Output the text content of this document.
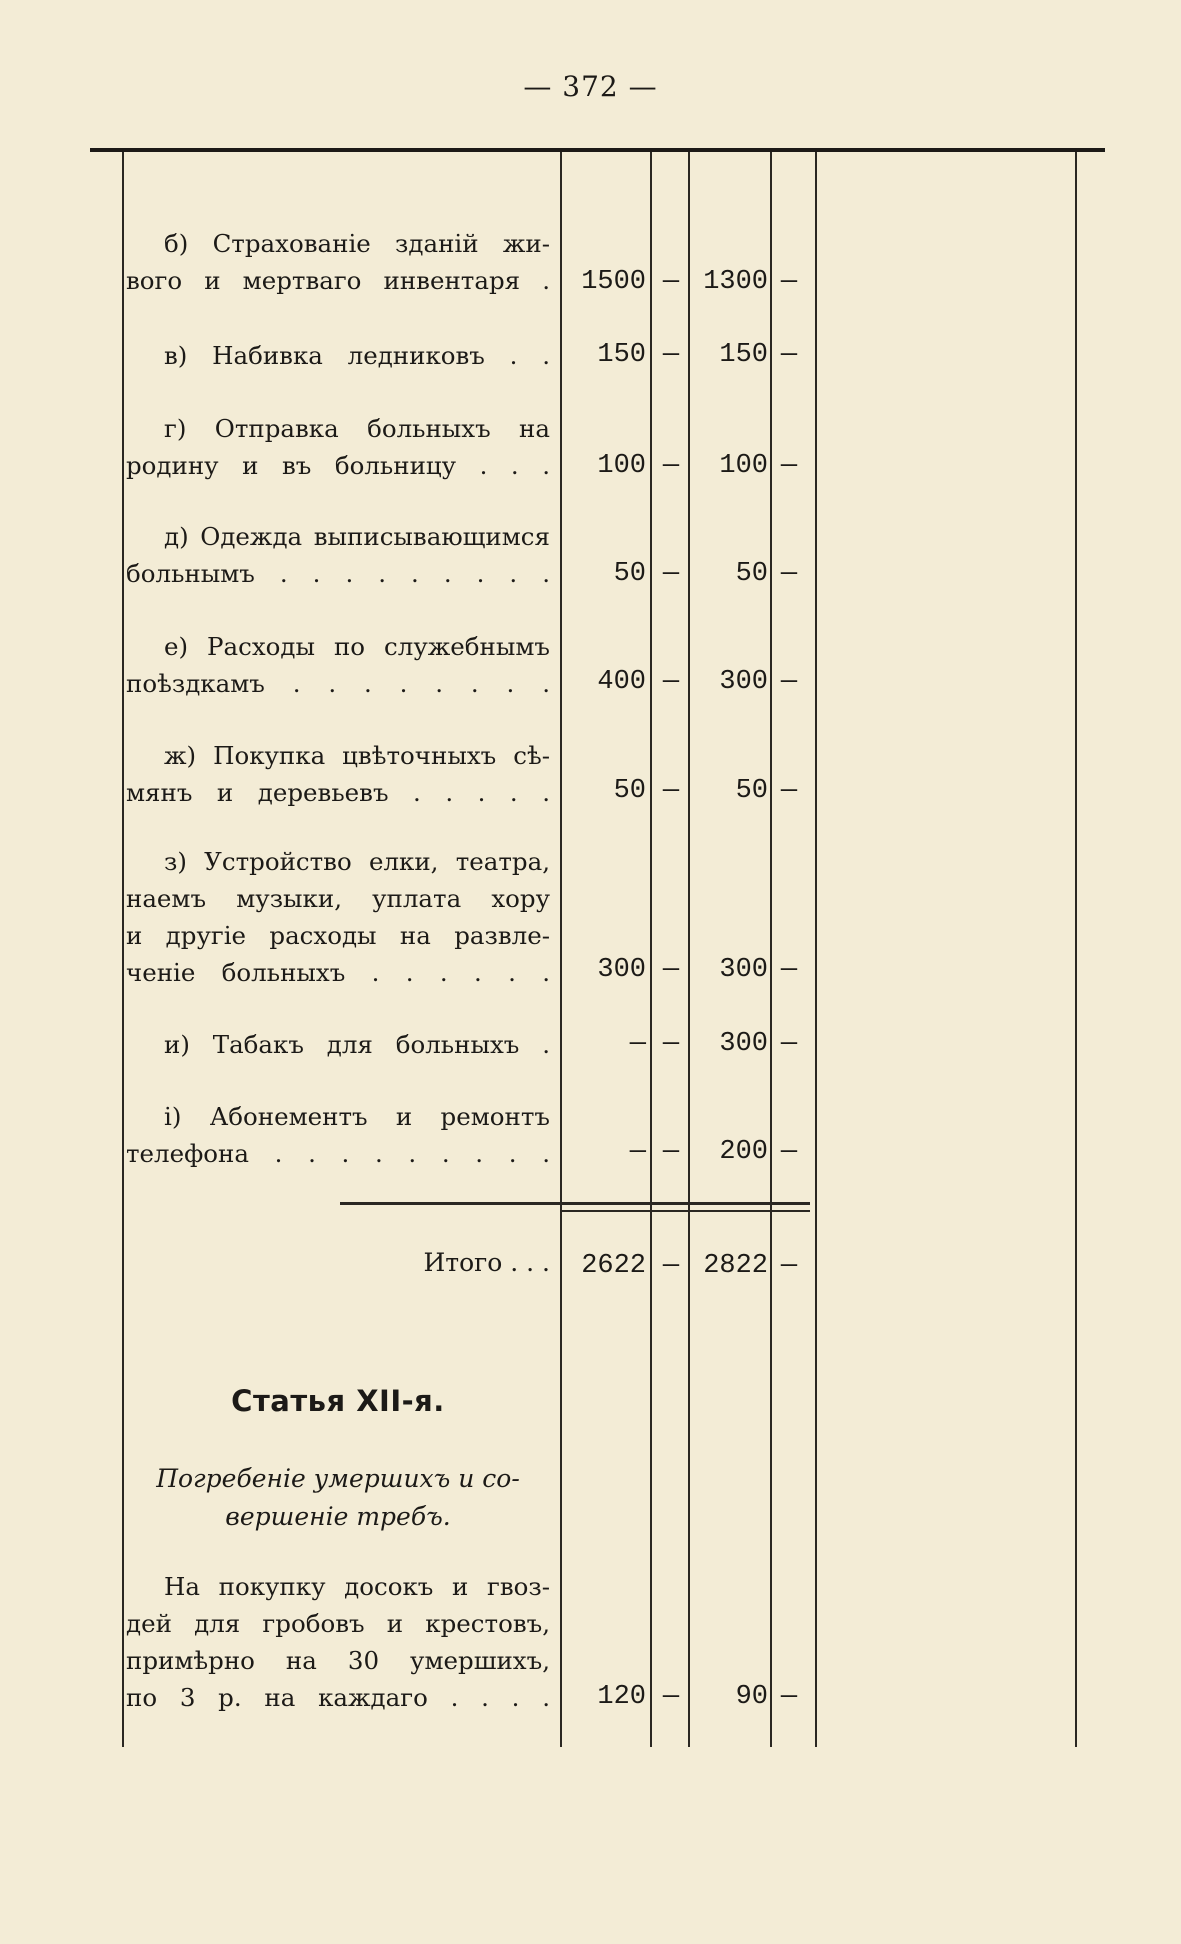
— 372 —
б) Страхованіе зданій жи-
вого и мертваго инвентаря .	1500 — 1300 —
в) Набивка ледниковъ . .	150 —	150 —
г) Отправка больныхъ на
родину и въ больницу . . .	100 —	100 —
д) Одежда выписывающимся
больнымъ . . . . . . . . .	50 —	50 —
е) Расходы по служебнымъ
поѣздкамъ . . . . . . . .	400 —	300 —
ж) Покупка цвѣточныхъ сѣ-
мянъ и деревьевъ . . . . .	50 —	50 —
з) Устройство елки, театра,
наемъ музыки, уплата хору
и другіе расходы на развле-
ченіе больныхъ . . . . . .	300 —	300 —
и) Табакъ для больныхъ .	— —	300 —
і) Абонементъ и ремонтъ
телефона . . . . . . . . .	— —	200 —
Итого . . .	2622 — 2822 —
Статья XII-я.
Погребеніе умершихъ и со-
вершеніе требъ.
На покупку досокъ и гвоз-
дей для гробовъ и крестовъ,
примѣрно на 30 умершихъ,
по 3 р. на каждаго . . . .	120 —	90 —
